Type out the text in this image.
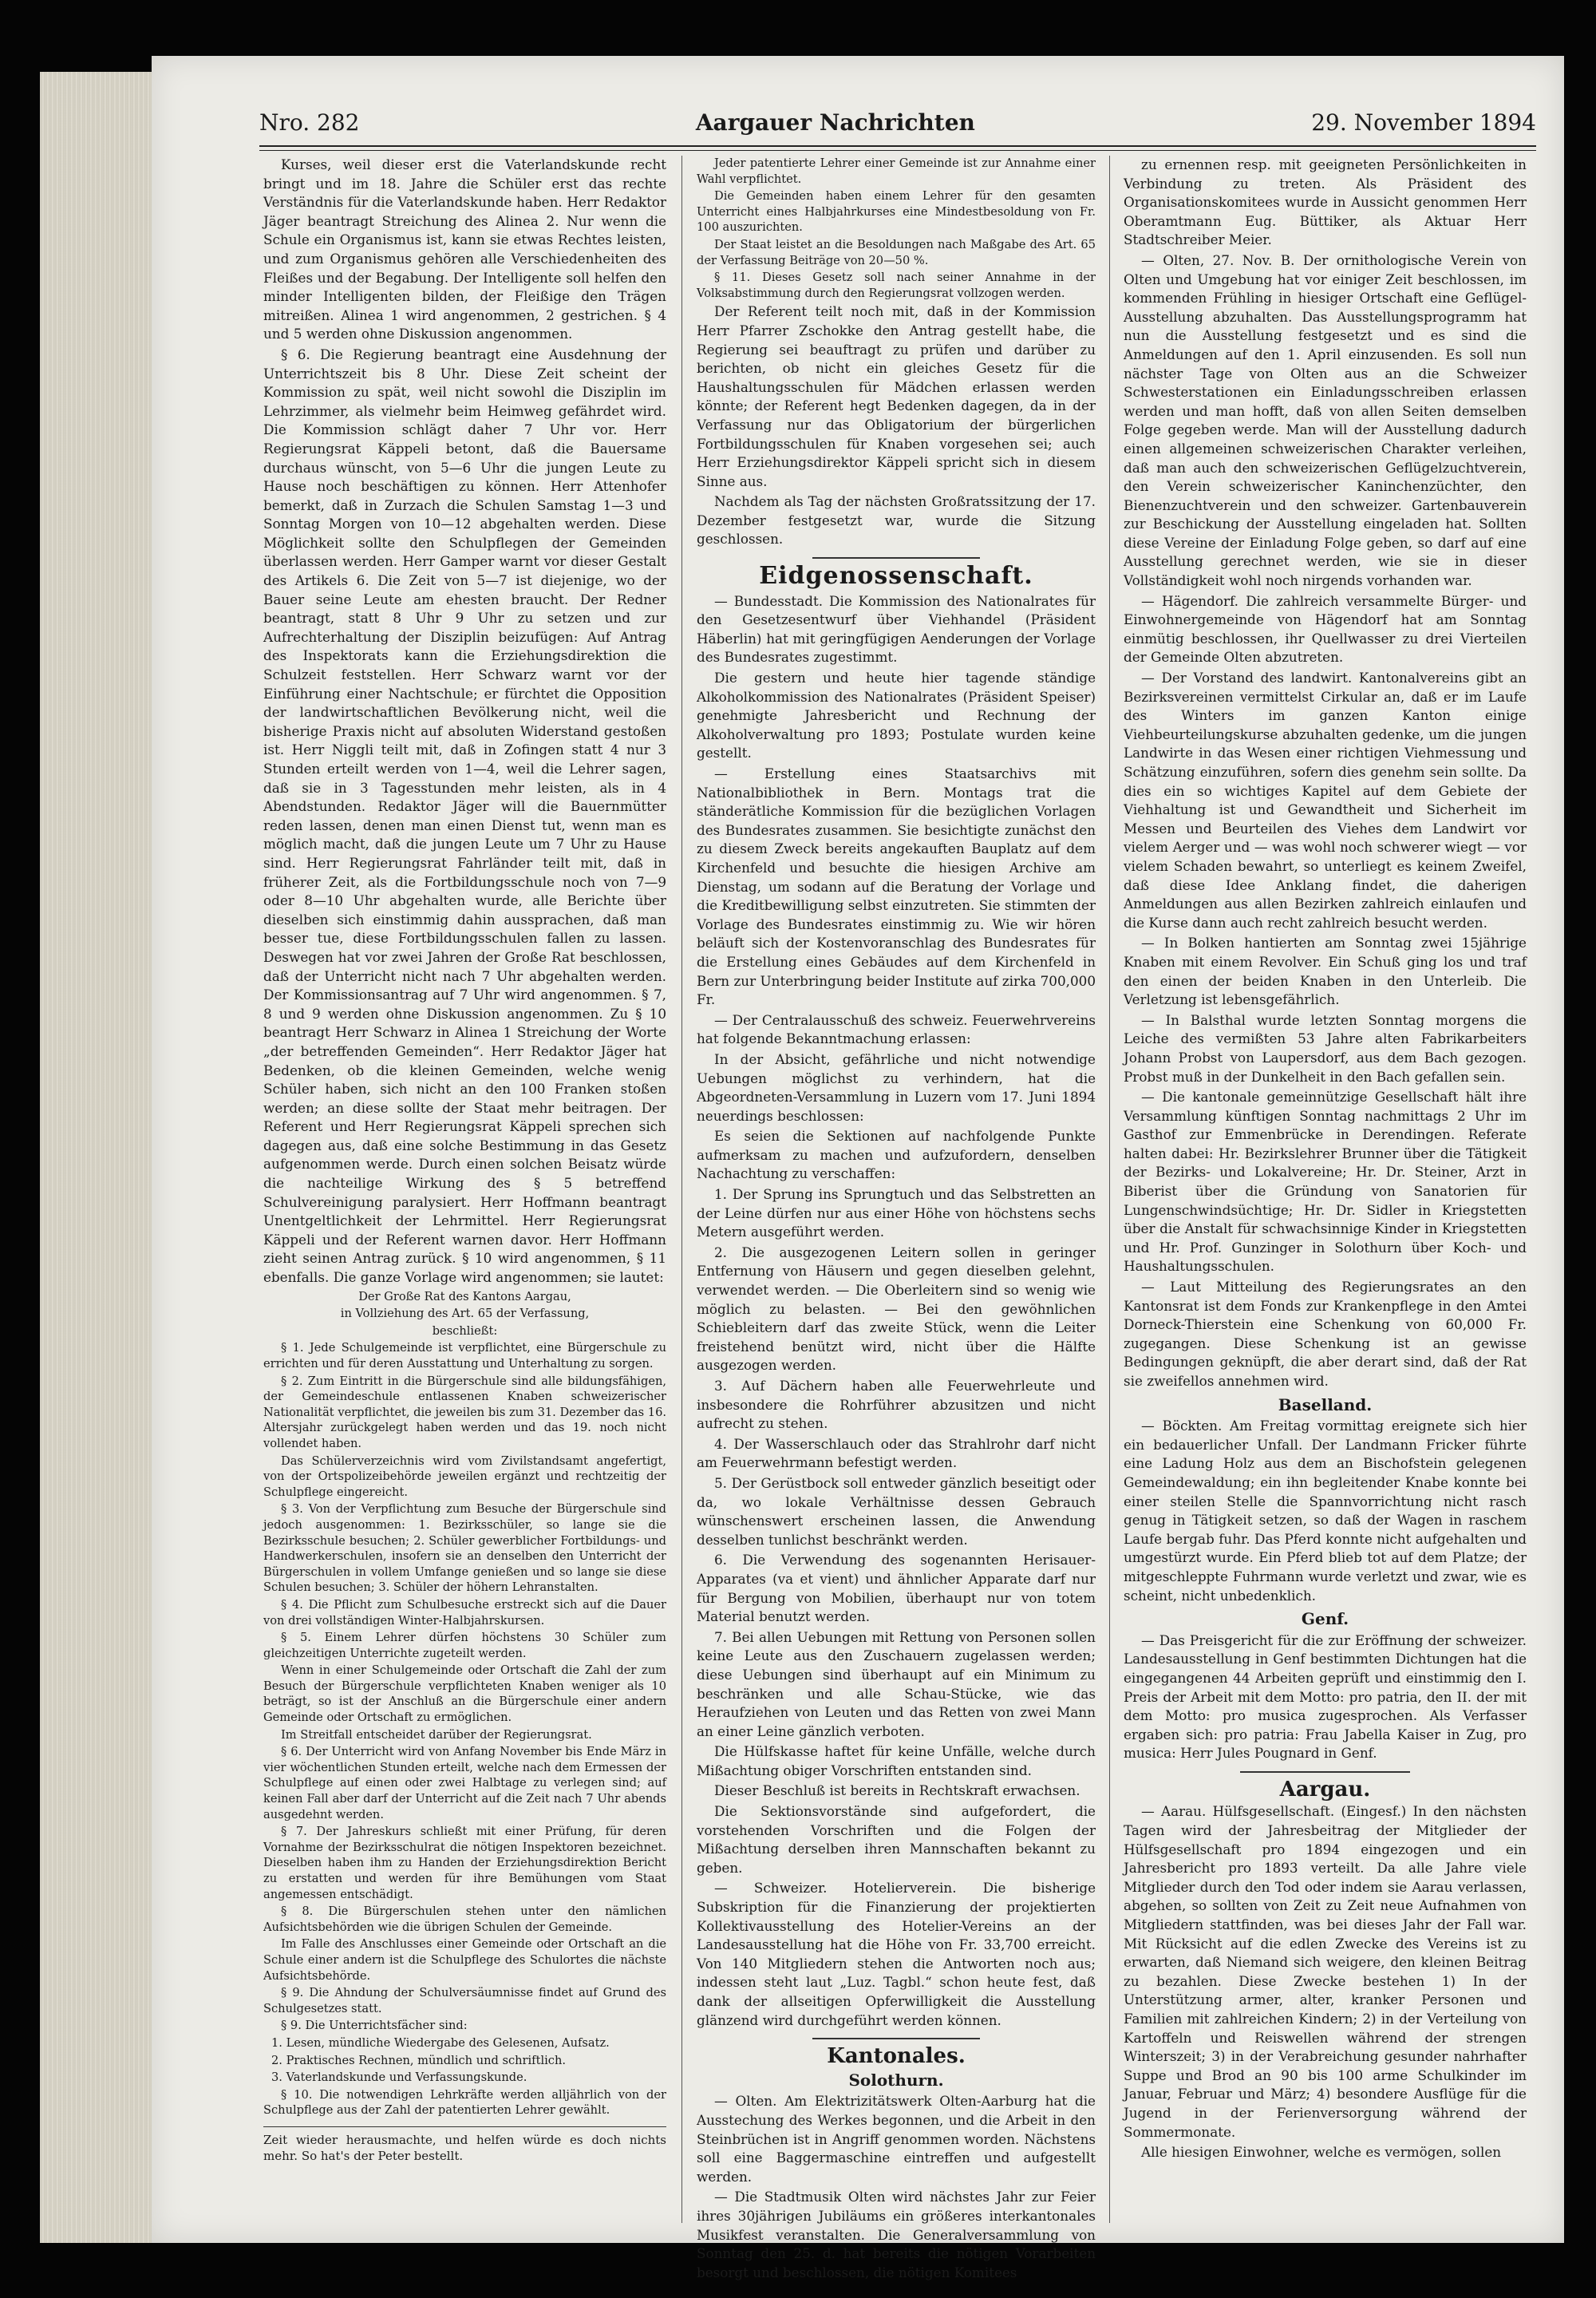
Nro. 282	Aargauer Nachrichten	29. November 1894

Kurses, weil dieser erst die Vaterlandskunde recht bringt und im 18. Jahre die Schüler erst das rechte Verständnis für die Vaterlandskunde haben. Herr Redaktor Jäger beantragt Streichung des Alinea 2. Nur wenn die Schule ein Organismus ist, kann sie etwas Rechtes leisten, und zum Organismus gehören alle Verschiedenheiten des Fleißes und der Begabung. Der Intelligente soll helfen den minder Intelligenten bilden, der Fleißige den Trägen mitreißen. Alinea 1 wird angenommen, 2 gestrichen. § 4 und 5 werden ohne Diskussion angenommen.

§ 6. Die Regierung beantragt eine Ausdehnung der Unterrichtszeit bis 8 Uhr. Diese Zeit scheint der Kommission zu spät, weil nicht sowohl die Disziplin im Lehrzimmer, als vielmehr beim Heimweg gefährdet wird. Die Kommission schlägt daher 7 Uhr vor. Herr Regierungsrat Käppeli betont, daß die Bauersame durchaus wünscht, von 5—6 Uhr die jungen Leute zu Hause noch beschäftigen zu können. Herr Attenhofer bemerkt, daß in Zurzach die Schulen Samstag 1—3 und Sonntag Morgen von 10—12 abgehalten werden. Diese Möglichkeit sollte den Schulpflegen der Gemeinden überlassen werden. Herr Gamper warnt vor dieser Gestalt des Artikels 6. Die Zeit von 5—7 ist diejenige, wo der Bauer seine Leute am ehesten braucht. Der Redner beantragt, statt 8 Uhr 9 Uhr zu setzen und zur Aufrechterhaltung der Disziplin beizufügen: Auf Antrag des Inspektorats kann die Erziehungsdirektion die Schulzeit feststellen. Herr Schwarz warnt vor der Einführung einer Nachtschule; er fürchtet die Opposition der landwirtschaftlichen Bevölkerung nicht, weil die bisherige Praxis nicht auf absoluten Widerstand gestoßen ist. Herr Niggli teilt mit, daß in Zofingen statt 4 nur 3 Stunden erteilt werden von 1—4, weil die Lehrer sagen, daß sie in 3 Tagesstunden mehr leisten, als in 4 Abendstunden. Redaktor Jäger will die Bauernmütter reden lassen, denen man einen Dienst tut, wenn man es möglich macht, daß die jungen Leute um 7 Uhr zu Hause sind. Herr Regierungsrat Fahrländer teilt mit, daß in früherer Zeit, als die Fortbildungsschule noch von 7—9 oder 8—10 Uhr abgehalten wurde, alle Berichte über dieselben sich einstimmig dahin aussprachen, daß man besser tue, diese Fortbildungsschulen fallen zu lassen. Deswegen hat vor zwei Jahren der Große Rat beschlossen, daß der Unterricht nicht nach 7 Uhr abgehalten werden. Der Kommissionsantrag auf 7 Uhr wird angenommen. § 7, 8 und 9 werden ohne Diskussion angenommen. Zu § 10 beantragt Herr Schwarz in Alinea 1 Streichung der Worte „der betreffenden Gemeinden“. Herr Redaktor Jäger hat Bedenken, ob die kleinen Gemeinden, welche wenig Schüler haben, sich nicht an den 100 Franken stoßen werden; an diese sollte der Staat mehr beitragen. Der Referent und Herr Regierungsrat Käppeli sprechen sich dagegen aus, daß eine solche Bestimmung in das Gesetz aufgenommen werde. Durch einen solchen Beisatz würde die nachteilige Wirkung des § 5 betreffend Schulvereinigung paralysiert. Herr Hoffmann beantragt Unentgeltlichkeit der Lehrmittel. Herr Regierungsrat Käppeli und der Referent warnen davor. Herr Hoffmann zieht seinen Antrag zurück. § 10 wird angenommen, § 11 ebenfalls. Die ganze Vorlage wird angenommen; sie lautet:

Der Große Rat des Kantons Aargau,

in Vollziehung des Art. 65 der Verfassung,

beschließt:

§ 1. Jede Schulgemeinde ist verpflichtet, eine Bürgerschule zu errichten und für deren Ausstattung und Unterhaltung zu sorgen.

§ 2. Zum Eintritt in die Bürgerschule sind alle bildungsfähigen, der Gemeindeschule entlassenen Knaben schweizerischer Nationalität verpflichtet, die jeweilen bis zum 31. Dezember das 16. Altersjahr zurückgelegt haben werden und das 19. noch nicht vollendet haben.

Das Schülerverzeichnis wird vom Zivilstandsamt angefertigt, von der Ortspolizeibehörde jeweilen ergänzt und rechtzeitig der Schulpflege eingereicht.

§ 3. Von der Verpflichtung zum Besuche der Bürgerschule sind jedoch ausgenommen: 1. Bezirksschüler, so lange sie die Bezirksschule besuchen; 2. Schüler gewerblicher Fortbildungs- und Handwerkerschulen, insofern sie an denselben den Unterricht der Bürgerschulen in vollem Umfange genießen und so lange sie diese Schulen besuchen; 3. Schüler der höhern Lehranstalten.

§ 4. Die Pflicht zum Schulbesuche erstreckt sich auf die Dauer von drei vollständigen Winter-Halbjahrskursen.

§ 5. Einem Lehrer dürfen höchstens 30 Schüler zum gleichzeitigen Unterrichte zugeteilt werden.

Wenn in einer Schulgemeinde oder Ortschaft die Zahl der zum Besuch der Bürgerschule verpflichteten Knaben weniger als 10 beträgt, so ist der Anschluß an die Bürgerschule einer andern Gemeinde oder Ortschaft zu ermöglichen.

Im Streitfall entscheidet darüber der Regierungsrat.

§ 6. Der Unterricht wird von Anfang November bis Ende März in vier wöchentlichen Stunden erteilt, welche nach dem Ermessen der Schulpflege auf einen oder zwei Halbtage zu verlegen sind; auf keinen Fall aber darf der Unterricht auf die Zeit nach 7 Uhr abends ausgedehnt werden.

§ 7. Der Jahreskurs schließt mit einer Prüfung, für deren Vornahme der Bezirksschulrat die nötigen Inspektoren bezeichnet. Dieselben haben ihm zu Handen der Erziehungsdirektion Bericht zu erstatten und werden für ihre Bemühungen vom Staat angemessen entschädigt.

§ 8. Die Bürgerschulen stehen unter den nämlichen Aufsichtsbehörden wie die übrigen Schulen der Gemeinde.

Im Falle des Anschlusses einer Gemeinde oder Ortschaft an die Schule einer andern ist die Schulpflege des Schulortes die nächste Aufsichtsbehörde.

§ 9. Die Ahndung der Schulversäumnisse findet auf Grund des Schulgesetzes statt.

§ 9. Die Unterrichtsfächer sind:

1. Lesen, mündliche Wiedergabe des Gelesenen, Aufsatz.

2. Praktisches Rechnen, mündlich und schriftlich.

3. Vaterlandskunde und Verfassungskunde.

§ 10. Die notwendigen Lehrkräfte werden alljährlich von der Schulpflege aus der Zahl der patentierten Lehrer gewählt.

Zeit wieder herausmachte, und helfen würde es doch nichts mehr. So hat's der Peter bestellt.

Jeder patentierte Lehrer einer Gemeinde ist zur Annahme einer Wahl verpflichtet.

Die Gemeinden haben einem Lehrer für den gesamten Unterricht eines Halbjahrkurses eine Mindestbesoldung von Fr. 100 auszurichten.

Der Staat leistet an die Besoldungen nach Maßgabe des Art. 65 der Verfassung Beiträge von 20—50 %.

§ 11. Dieses Gesetz soll nach seiner Annahme in der Volksabstimmung durch den Regierungsrat vollzogen werden.

Der Referent teilt noch mit, daß in der Kommission Herr Pfarrer Zschokke den Antrag gestellt habe, die Regierung sei beauftragt zu prüfen und darüber zu berichten, ob nicht ein gleiches Gesetz für die Haushaltungsschulen für Mädchen erlassen werden könnte; der Referent hegt Bedenken dagegen, da in der Verfassung nur das Obligatorium der bürgerlichen Fortbildungsschulen für Knaben vorgesehen sei; auch Herr Erziehungsdirektor Käppeli spricht sich in diesem Sinne aus.

Nachdem als Tag der nächsten Großratssitzung der 17. Dezember festgesetzt war, wurde die Sitzung geschlossen.

Eidgenossenschaft.

— Bundesstadt. Die Kommission des Nationalrates für den Gesetzesentwurf über Viehhandel (Präsident Häberlin) hat mit geringfügigen Aenderungen der Vorlage des Bundesrates zugestimmt.

Die gestern und heute hier tagende ständige Alkoholkommission des Nationalrates (Präsident Speiser) genehmigte Jahresbericht und Rechnung der Alkoholverwaltung pro 1893; Postulate wurden keine gestellt.

— Erstellung eines Staatsarchivs mit Nationalbibliothek in Bern. Montags trat die ständerätliche Kommission für die bezüglichen Vorlagen des Bundesrates zusammen. Sie besichtigte zunächst den zu diesem Zweck bereits angekauften Bauplatz auf dem Kirchenfeld und besuchte die hiesigen Archive am Dienstag, um sodann auf die Beratung der Vorlage und die Kreditbewilligung selbst einzutreten. Sie stimmten der Vorlage des Bundesrates einstimmig zu. Wie wir hören beläuft sich der Kostenvoranschlag des Bundesrates für die Erstellung eines Gebäudes auf dem Kirchenfeld in Bern zur Unterbringung beider Institute auf zirka 700,000 Fr.

— Der Centralausschuß des schweiz. Feuerwehrvereins hat folgende Bekanntmachung erlassen:

In der Absicht, gefährliche und nicht notwendige Uebungen möglichst zu verhindern, hat die Abgeordneten-Versammlung in Luzern vom 17. Juni 1894 neuerdings beschlossen:

Es seien die Sektionen auf nachfolgende Punkte aufmerksam zu machen und aufzufordern, denselben Nachachtung zu verschaffen:

1. Der Sprung ins Sprungtuch und das Selbstretten an der Leine dürfen nur aus einer Höhe von höchstens sechs Metern ausgeführt werden.

2. Die ausgezogenen Leitern sollen in geringer Entfernung von Häusern und gegen dieselben gelehnt, verwendet werden. — Die Oberleitern sind so wenig wie möglich zu belasten. — Bei den gewöhnlichen Schiebleitern darf das zweite Stück, wenn die Leiter freistehend benützt wird, nicht über die Hälfte ausgezogen werden.

3. Auf Dächern haben alle Feuerwehrleute und insbesondere die Rohrführer abzusitzen und nicht aufrecht zu stehen.

4. Der Wasserschlauch oder das Strahlrohr darf nicht am Feuerwehrmann befestigt werden.

5. Der Gerüstbock soll entweder gänzlich beseitigt oder da, wo lokale Verhältnisse dessen Gebrauch wünschenswert erscheinen lassen, die Anwendung desselben tunlichst beschränkt werden.

6. Die Verwendung des sogenannten Herisauer-Apparates (va et vient) und ähnlicher Apparate darf nur für Bergung von Mobilien, überhaupt nur von totem Material benutzt werden.

7. Bei allen Uebungen mit Rettung von Personen sollen keine Leute aus den Zuschauern zugelassen werden; diese Uebungen sind überhaupt auf ein Minimum zu beschränken und alle Schau-Stücke, wie das Heraufziehen von Leuten und das Retten von zwei Mann an einer Leine gänzlich verboten.

Die Hülfskasse haftet für keine Unfälle, welche durch Mißachtung obiger Vorschriften entstanden sind.

Dieser Beschluß ist bereits in Rechtskraft erwachsen.

Die Sektionsvorstände sind aufgefordert, die vorstehenden Vorschriften und die Folgen der Mißachtung derselben ihren Mannschaften bekannt zu geben.

— Schweizer. Hotelierverein. Die bisherige Subskription für die Finanzierung der projektierten Kollektivausstellung des Hotelier-Vereins an der Landesausstellung hat die Höhe von Fr. 33,700 erreicht. Von 140 Mitgliedern stehen die Antworten noch aus; indessen steht laut „Luz. Tagbl.“ schon heute fest, daß dank der allseitigen Opferwilligkeit die Ausstellung glänzend wird durchgeführt werden können.

Kantonales.
Solothurn.

— Olten. Am Elektrizitätswerk Olten-Aarburg hat die Ausstechung des Werkes begonnen, und die Arbeit in den Steinbrüchen ist in Angriff genommen worden. Nächstens soll eine Baggermaschine eintreffen und aufgestellt werden.

— Die Stadtmusik Olten wird nächstes Jahr zur Feier ihres 30jährigen Jubiläums ein größeres interkantonales Musikfest veranstalten. Die Generalversammlung von Sonntag den 25. d. hat bereits die nötigen Vorarbeiten besorgt und beschlossen, die nötigen Komitees

zu ernennen resp. mit geeigneten Persönlichkeiten in Verbindung zu treten. Als Präsident des Organisationskomitees wurde in Aussicht genommen Herr Oberamtmann Eug. Büttiker, als Aktuar Herr Stadtschreiber Meier.

— Olten, 27. Nov. B. Der ornithologische Verein von Olten und Umgebung hat vor einiger Zeit beschlossen, im kommenden Frühling in hiesiger Ortschaft eine Geflügel-Ausstellung abzuhalten. Das Ausstellungsprogramm hat nun die Ausstellung festgesetzt und es sind die Anmeldungen auf den 1. April einzusenden. Es soll nun nächster Tage von Olten aus an die Schweizer Schwesterstationen ein Einladungsschreiben erlassen werden und man hofft, daß von allen Seiten demselben Folge gegeben werde. Man will der Ausstellung dadurch einen allgemeinen schweizerischen Charakter verleihen, daß man auch den schweizerischen Geflügelzuchtverein, den Verein schweizerischer Kaninchenzüchter, den Bienenzuchtverein und den schweizer. Gartenbauverein zur Beschickung der Ausstellung eingeladen hat. Sollten diese Vereine der Einladung Folge geben, so darf auf eine Ausstellung gerechnet werden, wie sie in dieser Vollständigkeit wohl noch nirgends vorhanden war.

— Hägendorf. Die zahlreich versammelte Bürger- und Einwohnergemeinde von Hägendorf hat am Sonntag einmütig beschlossen, ihr Quellwasser zu drei Vierteilen der Gemeinde Olten abzutreten.

— Der Vorstand des landwirt. Kantonalvereins gibt an Bezirksvereinen vermittelst Cirkular an, daß er im Laufe des Winters im ganzen Kanton einige Viehbeurteilungskurse abzuhalten gedenke, um die jungen Landwirte in das Wesen einer richtigen Viehmessung und Schätzung einzuführen, sofern dies genehm sein sollte. Da dies ein so wichtiges Kapitel auf dem Gebiete der Viehhaltung ist und Gewandtheit und Sicherheit im Messen und Beurteilen des Viehes dem Landwirt vor vielem Aerger und — was wohl noch schwerer wiegt — vor vielem Schaden bewahrt, so unterliegt es keinem Zweifel, daß diese Idee Anklang findet, die daherigen Anmeldungen aus allen Bezirken zahlreich einlaufen und die Kurse dann auch recht zahlreich besucht werden.

— In Bolken hantierten am Sonntag zwei 15jährige Knaben mit einem Revolver. Ein Schuß ging los und traf den einen der beiden Knaben in den Unterleib. Die Verletzung ist lebensgefährlich.

— In Balsthal wurde letzten Sonntag morgens die Leiche des vermißten 53 Jahre alten Fabrikarbeiters Johann Probst von Laupersdorf, aus dem Bach gezogen. Probst muß in der Dunkelheit in den Bach gefallen sein.

— Die kantonale gemeinnützige Gesellschaft hält ihre Versammlung künftigen Sonntag nachmittags 2 Uhr im Gasthof zur Emmenbrücke in Derendingen. Referate halten dabei: Hr. Bezirkslehrer Brunner über die Tätigkeit der Bezirks- und Lokalvereine; Hr. Dr. Steiner, Arzt in Biberist über die Gründung von Sanatorien für Lungenschwindsüchtige; Hr. Dr. Sidler in Kriegstetten über die Anstalt für schwachsinnige Kinder in Kriegstetten und Hr. Prof. Gunzinger in Solothurn über Koch- und Haushaltungsschulen.

— Laut Mitteilung des Regierungsrates an den Kantonsrat ist dem Fonds zur Krankenpflege in den Amtei Dorneck-Thierstein eine Schenkung von 60,000 Fr. zugegangen. Diese Schenkung ist an gewisse Bedingungen geknüpft, die aber derart sind, daß der Rat sie zweifellos annehmen wird.

Baselland.

— Böckten. Am Freitag vormittag ereignete sich hier ein bedauerlicher Unfall. Der Landmann Fricker führte eine Ladung Holz aus dem an Bischofstein gelegenen Gemeindewaldung; ein ihn begleitender Knabe konnte bei einer steilen Stelle die Spannvorrichtung nicht rasch genug in Tätigkeit setzen, so daß der Wagen in raschem Laufe bergab fuhr. Das Pferd konnte nicht aufgehalten und umgestürzt wurde. Ein Pferd blieb tot auf dem Platze; der mitgeschleppte Fuhrmann wurde verletzt und zwar, wie es scheint, nicht unbedenklich.

Genf.

— Das Preisgericht für die zur Eröffnung der schweizer. Landesausstellung in Genf bestimmten Dichtungen hat die eingegangenen 44 Arbeiten geprüft und einstimmig den I. Preis der Arbeit mit dem Motto: pro patria, den II. der mit dem Motto: pro musica zugesprochen. Als Verfasser ergaben sich: pro patria: Frau Jabella Kaiser in Zug, pro musica: Herr Jules Pougnard in Genf.

Aargau.

— Aarau. Hülfsgesellschaft. (Eingesf.) In den nächsten Tagen wird der Jahresbeitrag der Mitglieder der Hülfsgesellschaft pro 1894 eingezogen und ein Jahresbericht pro 1893 verteilt. Da alle Jahre viele Mitglieder durch den Tod oder indem sie Aarau verlassen, abgehen, so sollten von Zeit zu Zeit neue Aufnahmen von Mitgliedern stattfinden, was bei dieses Jahr der Fall war. Mit Rücksicht auf die edlen Zwecke des Vereins ist zu erwarten, daß Niemand sich weigere, den kleinen Beitrag zu bezahlen. Diese Zwecke bestehen 1) In der Unterstützung armer, alter, kranker Personen und Familien mit zahlreichen Kindern; 2) in der Verteilung von Kartoffeln und Reiswellen während der strengen Winterszeit; 3) in der Verabreichung gesunder nahrhafter Suppe und Brod an 90 bis 100 arme Schulkinder im Januar, Februar und März; 4) besondere Ausflüge für die Jugend in der Ferienversorgung während der Sommermonate.

Alle hiesigen Einwohner, welche es vermögen, sollen
